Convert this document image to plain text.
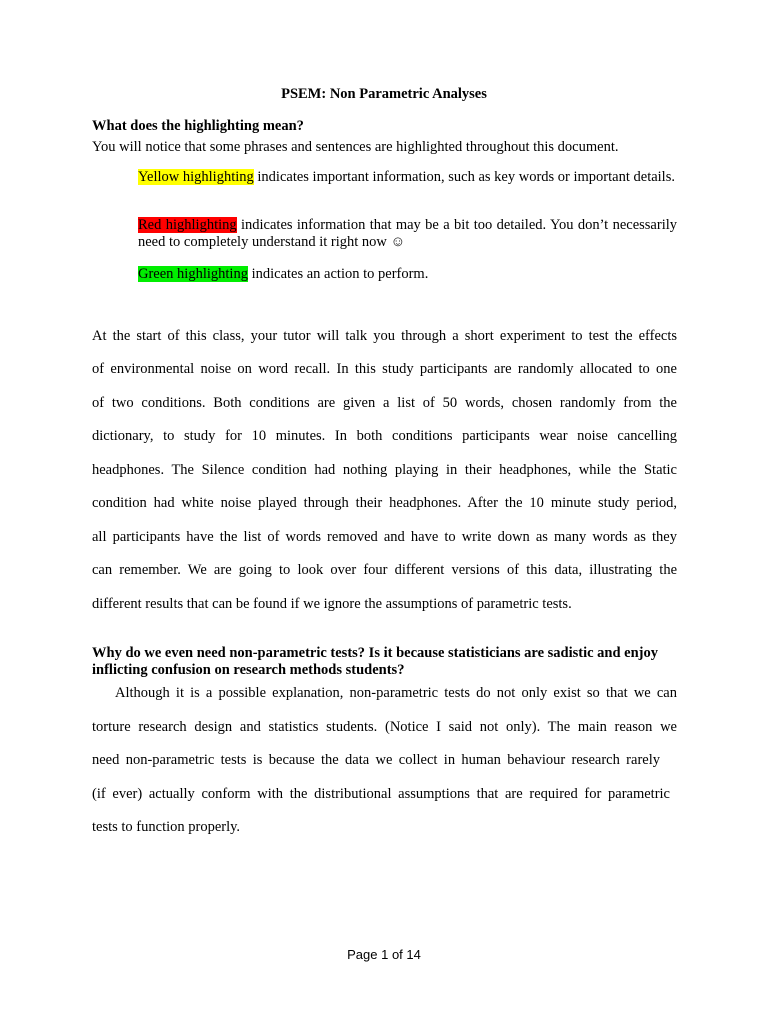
PSEM: Non Parametric Analyses
What does the highlighting mean?
You will notice that some phrases and sentences are highlighted throughout this document.
Yellow highlighting indicates important information, such as key words or important details.
Red highlighting indicates information that may be a bit too detailed. You don’t necessarily need to completely understand it right now ☺
Green highlighting indicates an action to perform.
At the start of this class, your tutor will talk you through a short experiment to test the effects
of environmental noise on word recall. In this study participants are randomly allocated to one
of two conditions. Both conditions are given a list of 50 words, chosen randomly from the
dictionary, to study for 10 minutes. In both conditions participants wear noise cancelling
headphones. The Silence condition had nothing playing in their headphones, while the Static
condition had white noise played through their headphones. After the 10 minute study period,
all participants have the list of words removed and have to write down as many words as they
can remember. We are going to look over four different versions of this data, illustrating the
different results that can be found if we ignore the assumptions of parametric tests.
Why do we even need non-parametric tests? Is it because statisticians are sadistic and enjoy inflicting confusion on research methods students?
Although it is a possible explanation, non-parametric tests do not only exist so that we can
torture research design and statistics students. (Notice I said not only). The main reason we
need non-parametric tests is because the data we collect in human behaviour research rarely
(if ever) actually conform with the distributional assumptions that are required for parametric
tests to function properly.
Page 1 of 14
